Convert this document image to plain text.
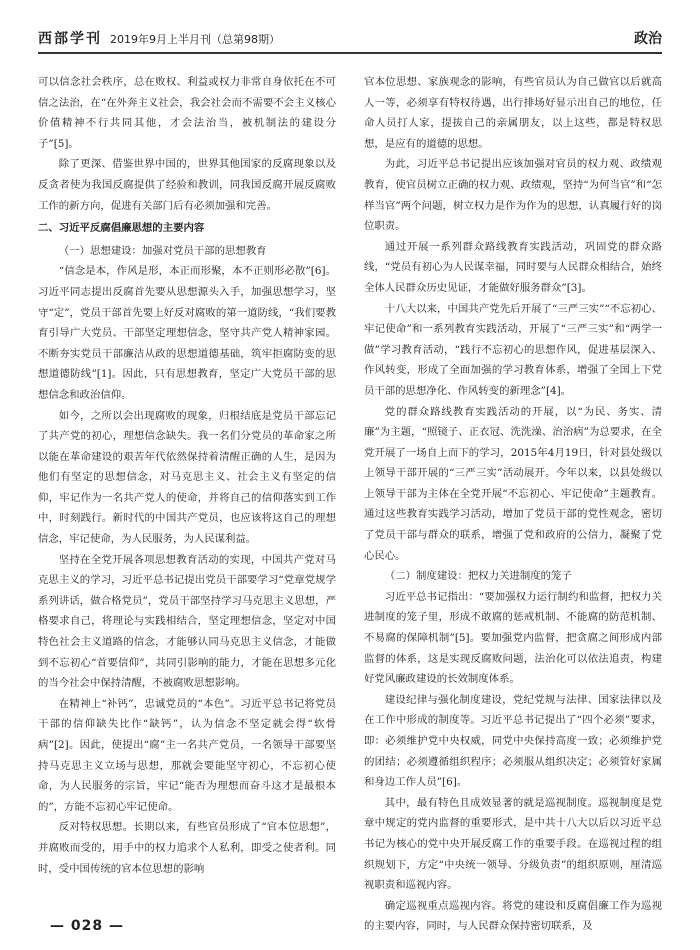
西部学刊 2019年9月上半月刊（总第98期）	政治

可以信念社会秩序，总在败权、利益或权力非常自身依托在不可信之法治，在“在外奔主义社会，我会社会而不需要不会主义核心价值精神不行共同其他，才会法治当，被机制法的建设分子”[5]。

除了更深、借鉴世界中国的，世界其他国家的反腐现象以及反贪者使为我国反腐提供了经验和教训，同我国反腐开展反腐败工作的新方向，促进有关部门后有必须加强和完善。

二、习近平反腐倡廉思想的主要内容

（一）思想建设：加强对党员干部的思想教育

“信念是本，作风是形，本正而形聚，本不正则形必散”[6]。习近平同志提出反腐首先要从思想源头入手，加强思想学习，坚守“定”，党员干部首先要上好反对腐败的第一道防线，“我们要教育引导广大党员、干部坚定理想信念，坚守共产党人精神家园。不断夯实党员干部廉洁从政的思想道德基础，筑牢拒腐防变的思想道德防线”[1]。因此，只有思想教育，坚定广大党员干部的思想信念和政治信仰。

如今，之所以会出现腐败的现象，归根结底是党员干部忘记了共产党的初心，理想信念缺失。我一名们分党员的革命家之所以能在革命建设的艰苦年代依然保持着清醒正确的人生，是因为他们有坚定的思想信念，对马克思主义、社会主义有坚定的信仰，牢记作为一名共产党人的使命，并将自己的信仰落实到工作中，时刻践行。新时代的中国共产党员，也应该将这自己的理想信念，牢记使命，为人民服务，为人民谋利益。

坚持在全党开展各项思想教育活动的实现，中国共产党对马克思主义的学习，习近平总书记提出党员干部要学习“党章党规学系列讲话，做合格党员”，党员干部坚持学习马克思主义思想，严格要求自己，将理论与实践相结合，坚定理想信念，坚定对中国特色社会主义道路的信念，才能够认同马克思主义信念，才能做到不忘初心“首要信仰”，共同引影响的能力，才能在思想多元化的当今社会中保持清醒，不被腐败思想影响。

在精神上“补钙”，忠诚党员的“本色”。习近平总书记将党员干部的信仰缺失比作“缺钙”，认为信念不坚定就会得“软骨病”[2]。因此，使提出“腐”主一名共产党员，一名领导干部要坚持马克思主义立场与思想，那就会要能坚守初心，不忘初心使命，为人民服务的宗旨，牢记“能否为理想而奋斗这才是最根本的”，方能不忘初心牢记使命。

反对特权思想。长期以来，有些官员形成了“官本位思想”，并腐败而受的，用手中的权力追求个人私利，即受之使者利。同时，受中国传统的官本位思想的影响

官本位思想、家族观念的影响，有些官员认为自己做官以后就高人一等，必须享有特权待遇，出行排场好显示出自己的地位，任命人员打人家，提拔自己的亲属朋友，以上这些，都是特权思想，是应有的道德的思想。

为此，习近平总书记提出应该加强对官员的权力观、政绩观教育，使官员树立正确的权力观、政绩观，坚持“为何当官”和“怎样当官”两个问题，树立权力是作为作为的思想，认真履行好的岗位职责。

通过开展一系列群众路线教育实践活动，巩固党的群众路线，“党员有初心为人民谋幸福，同时要与人民群众相结合，始终全体人民群众历史见证，才能做好服务群众”[3]。

十八大以来，中国共产党先后开展了“三严三实”“不忘初心、牢记使命”和一系列教育实践活动，开展了“三严三实”和“两学一做”学习教育活动，“践行不忘初心的思想作风，促进基层深入、作风转变，形成了全面加强的学习教育体系，增强了全国上下党员干部的思想净化、作风转变的新理念”[4]。

党的群众路线教育实践活动的开展，以“为民、务实、清廉”为主题，“照镜子、正衣冠、洗洗澡、治治病”为总要求，在全党开展了一场自上而下的学习，2015年4月19日，针对县处级以上领导干部开展的“三严三实”活动展开。今年以来，以县处级以上领导干部为主体在全党开展“不忘初心、牢记使命”主题教育。通过这些教育实践学习活动，增加了党员干部的党性观念，密切了党员干部与群众的联系，增强了党和政府的公信力，凝聚了党心民心。

（二）制度建设：把权力关进制度的笼子

习近平总书记指出：“要加强权力运行制约和监督，把权力关进制度的笼子里，形成不敢腐的惩戒机制、不能腐的防范机制、不易腐的保障机制”[5]。要加强党内监督，把贪腐之间形成内部监督的体系，这是实现反腐败问题，法治化可以依法追责，构建好党风廉政建设的长效制度体系。

建设纪律与强化制度建设，党纪党规与法律、国家法律以及在工作中形成的制度等。习近平总书记提出了“四个必须”要求，即：必须维护党中央权威，同党中央保持高度一致；必须维护党的团结；必须遵循组织程序；必须服从组织决定；必须管好家属和身边工作人员”[6]。

其中，最有特色且成效显著的就是巡视制度。巡视制度是党章中规定的党内监督的重要形式，是中共十八大以后以习近平总书记为核心的党中央开展反腐工作的重要手段。在巡视过程的组织规划下，方定“中央统一领导、分级负责”的组织原则，厘清巡视职责和巡视内容。

确定巡视重点巡视内容。将党的建设和反腐倡廉工作为巡视的主要内容，同时，与人民群众保持密切联系，及

— 028 —
